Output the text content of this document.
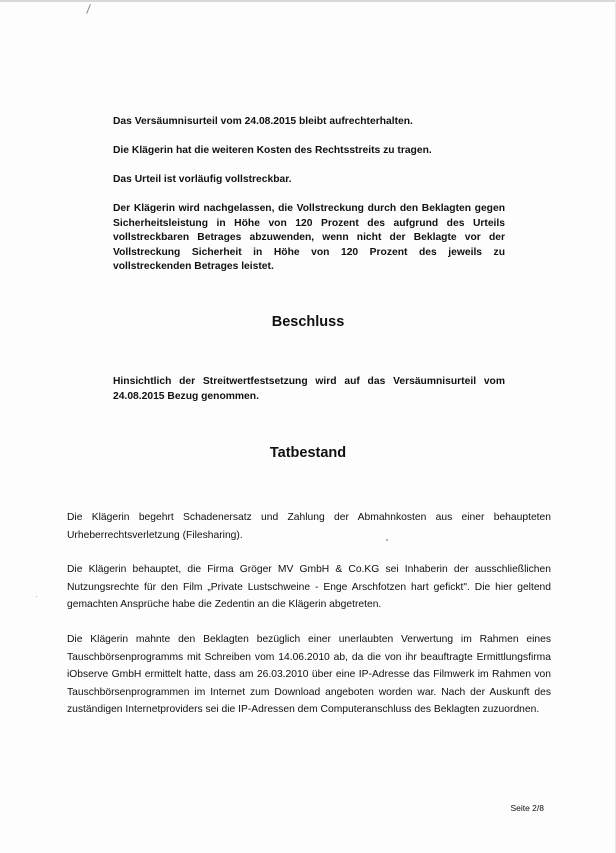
Das Versäumnisurteil vom 24.08.2015 bleibt aufrechterhalten.

Die Klägerin hat die weiteren Kosten des Rechtsstreits zu tragen.

Das Urteil ist vorläufig vollstreckbar.

Der Klägerin wird nachgelassen, die Vollstreckung durch den Beklagten gegen Sicherheitsleistung in Höhe von 120 Prozent des aufgrund des Urteils vollstreckbaren Betrages abzuwenden, wenn nicht der Beklagte vor der Vollstreckung Sicherheit in Höhe von 120 Prozent des jeweils zu vollstreckenden Betrages leistet.

Beschluss

Hinsichtlich der Streitwertfestsetzung wird auf das Versäumnisurteil vom 24.08.2015 Bezug genommen.

Tatbestand

Die Klägerin begehrt Schadenersatz und Zahlung der Abmahnkosten aus einer behaupteten Urheberrechtsverletzung (Filesharing).

Die Klägerin behauptet, die Firma Gröger MV GmbH & Co.KG sei Inhaberin der ausschließlichen Nutzungsrechte für den Film „Private Lustschweine - Enge Arschfotzen hart gefickt". Die hier geltend gemachten Ansprüche habe die Zedentin an die Klägerin abgetreten.

Die Klägerin mahnte den Beklagten bezüglich einer unerlaubten Verwertung im Rahmen eines Tauschbörsenprogramms mit Schreiben vom 14.06.2010 ab, da die von ihr beauftragte Ermittlungsfirma iObserve GmbH ermittelt hatte, dass am 26.03.2010 über eine IP-Adresse das Filmwerk im Rahmen von Tauschbörsenprogrammen im Internet zum Download angeboten worden war. Nach der Auskunft des zuständigen Internetproviders sei die IP-Adressen dem Computeranschluss des Beklagten zuzuordnen.

Seite 2/8
